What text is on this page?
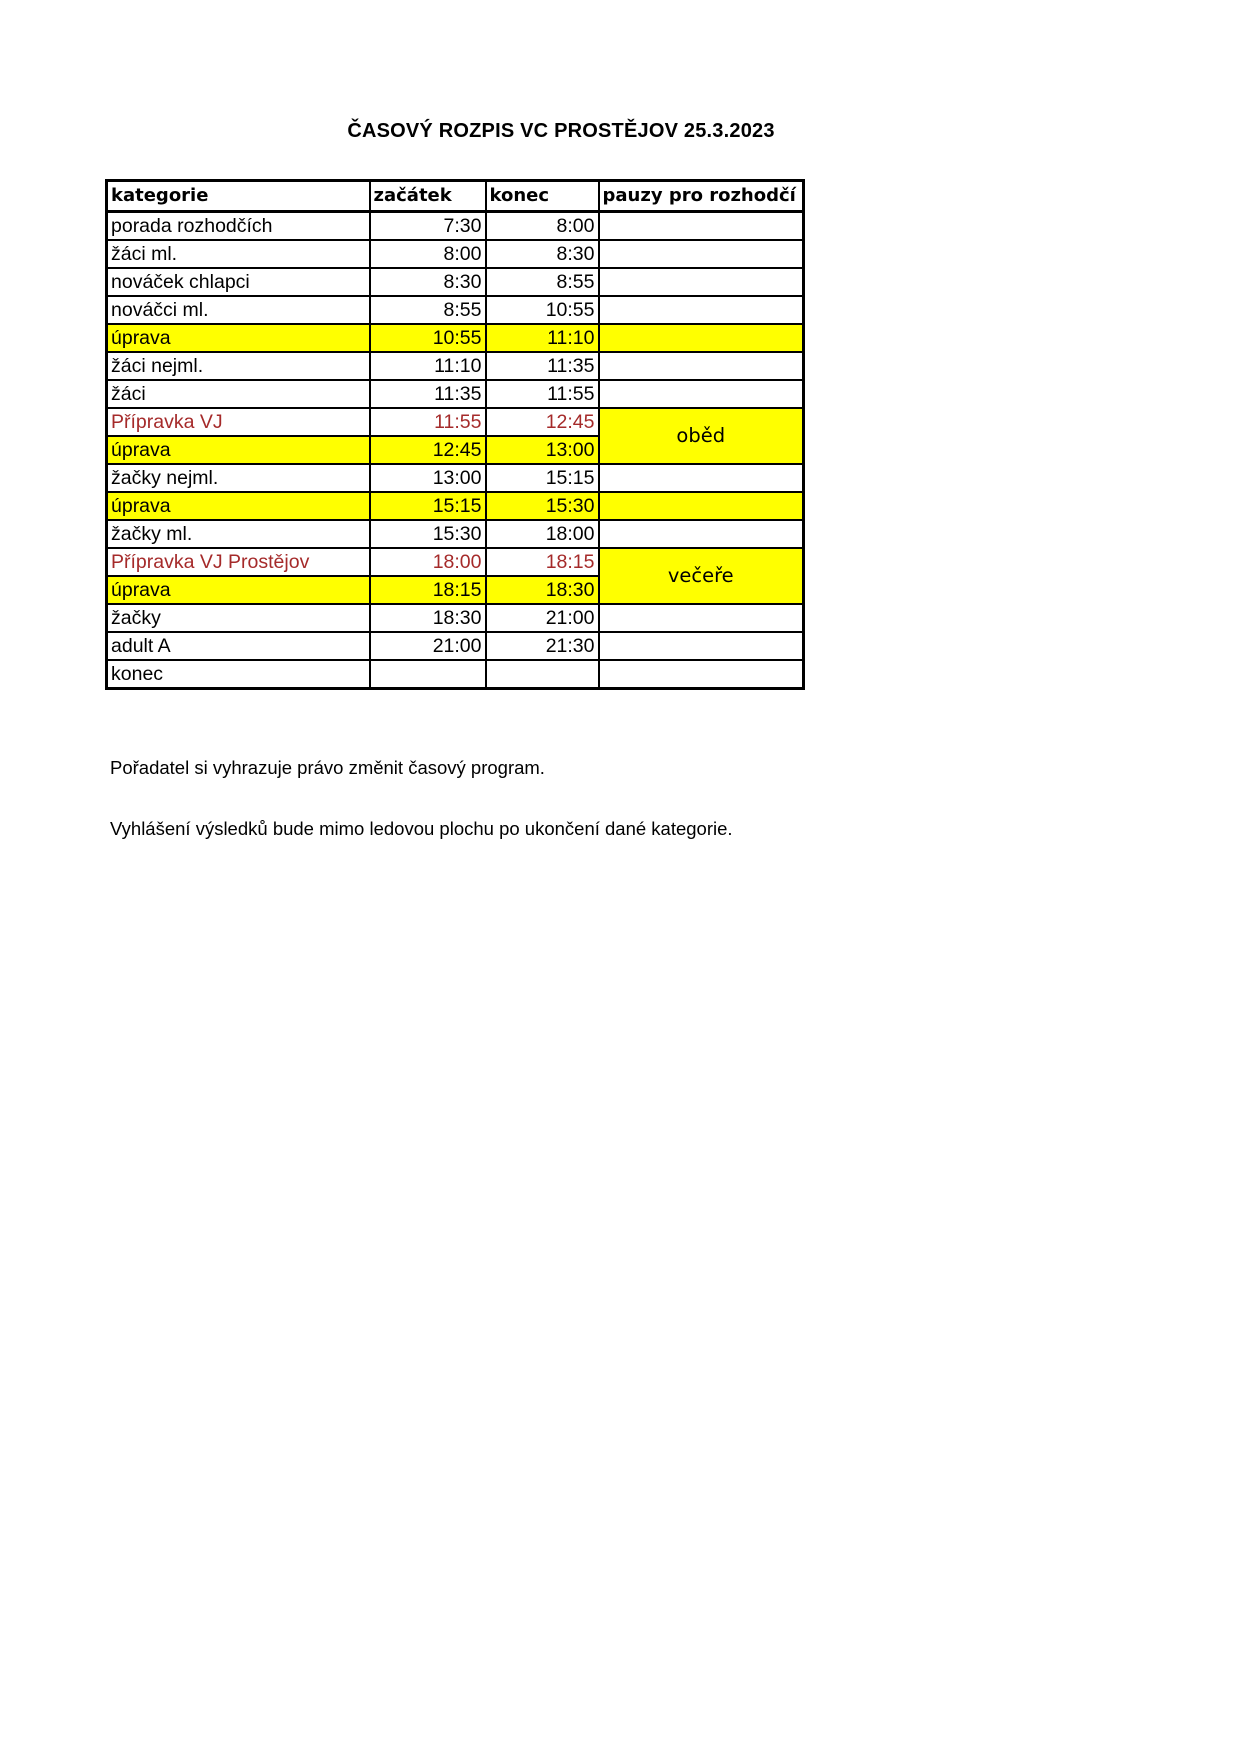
ČASOVÝ ROZPIS VC PROSTĚJOV 25.3.2023
kategorie	začátek	konec	pauzy pro rozhodčí
porada rozhodčích	7:30	8:00	
žáci ml.	8:00	8:30	
nováček chlapci	8:30	8:55	
nováčci ml.	8:55	10:55	
úprava	10:55	11:10	
žáci nejml.	11:10	11:35	
žáci	11:35	11:55	
Přípravka VJ	11:55	12:45	oběd
úprava	12:45	13:00	
žačky nejml.	13:00	15:15	
úprava	15:15	15:30	
žačky ml.	15:30	18:00	
Přípravka VJ Prostějov	18:00	18:15	večeře
úprava	18:15	18:30	
žačky	18:30	21:00	
adult A	21:00	21:30	
konec			
Pořadatel si vyhrazuje právo změnit časový program.
Vyhlášení výsledků bude mimo ledovou plochu po ukončení dané kategorie.
